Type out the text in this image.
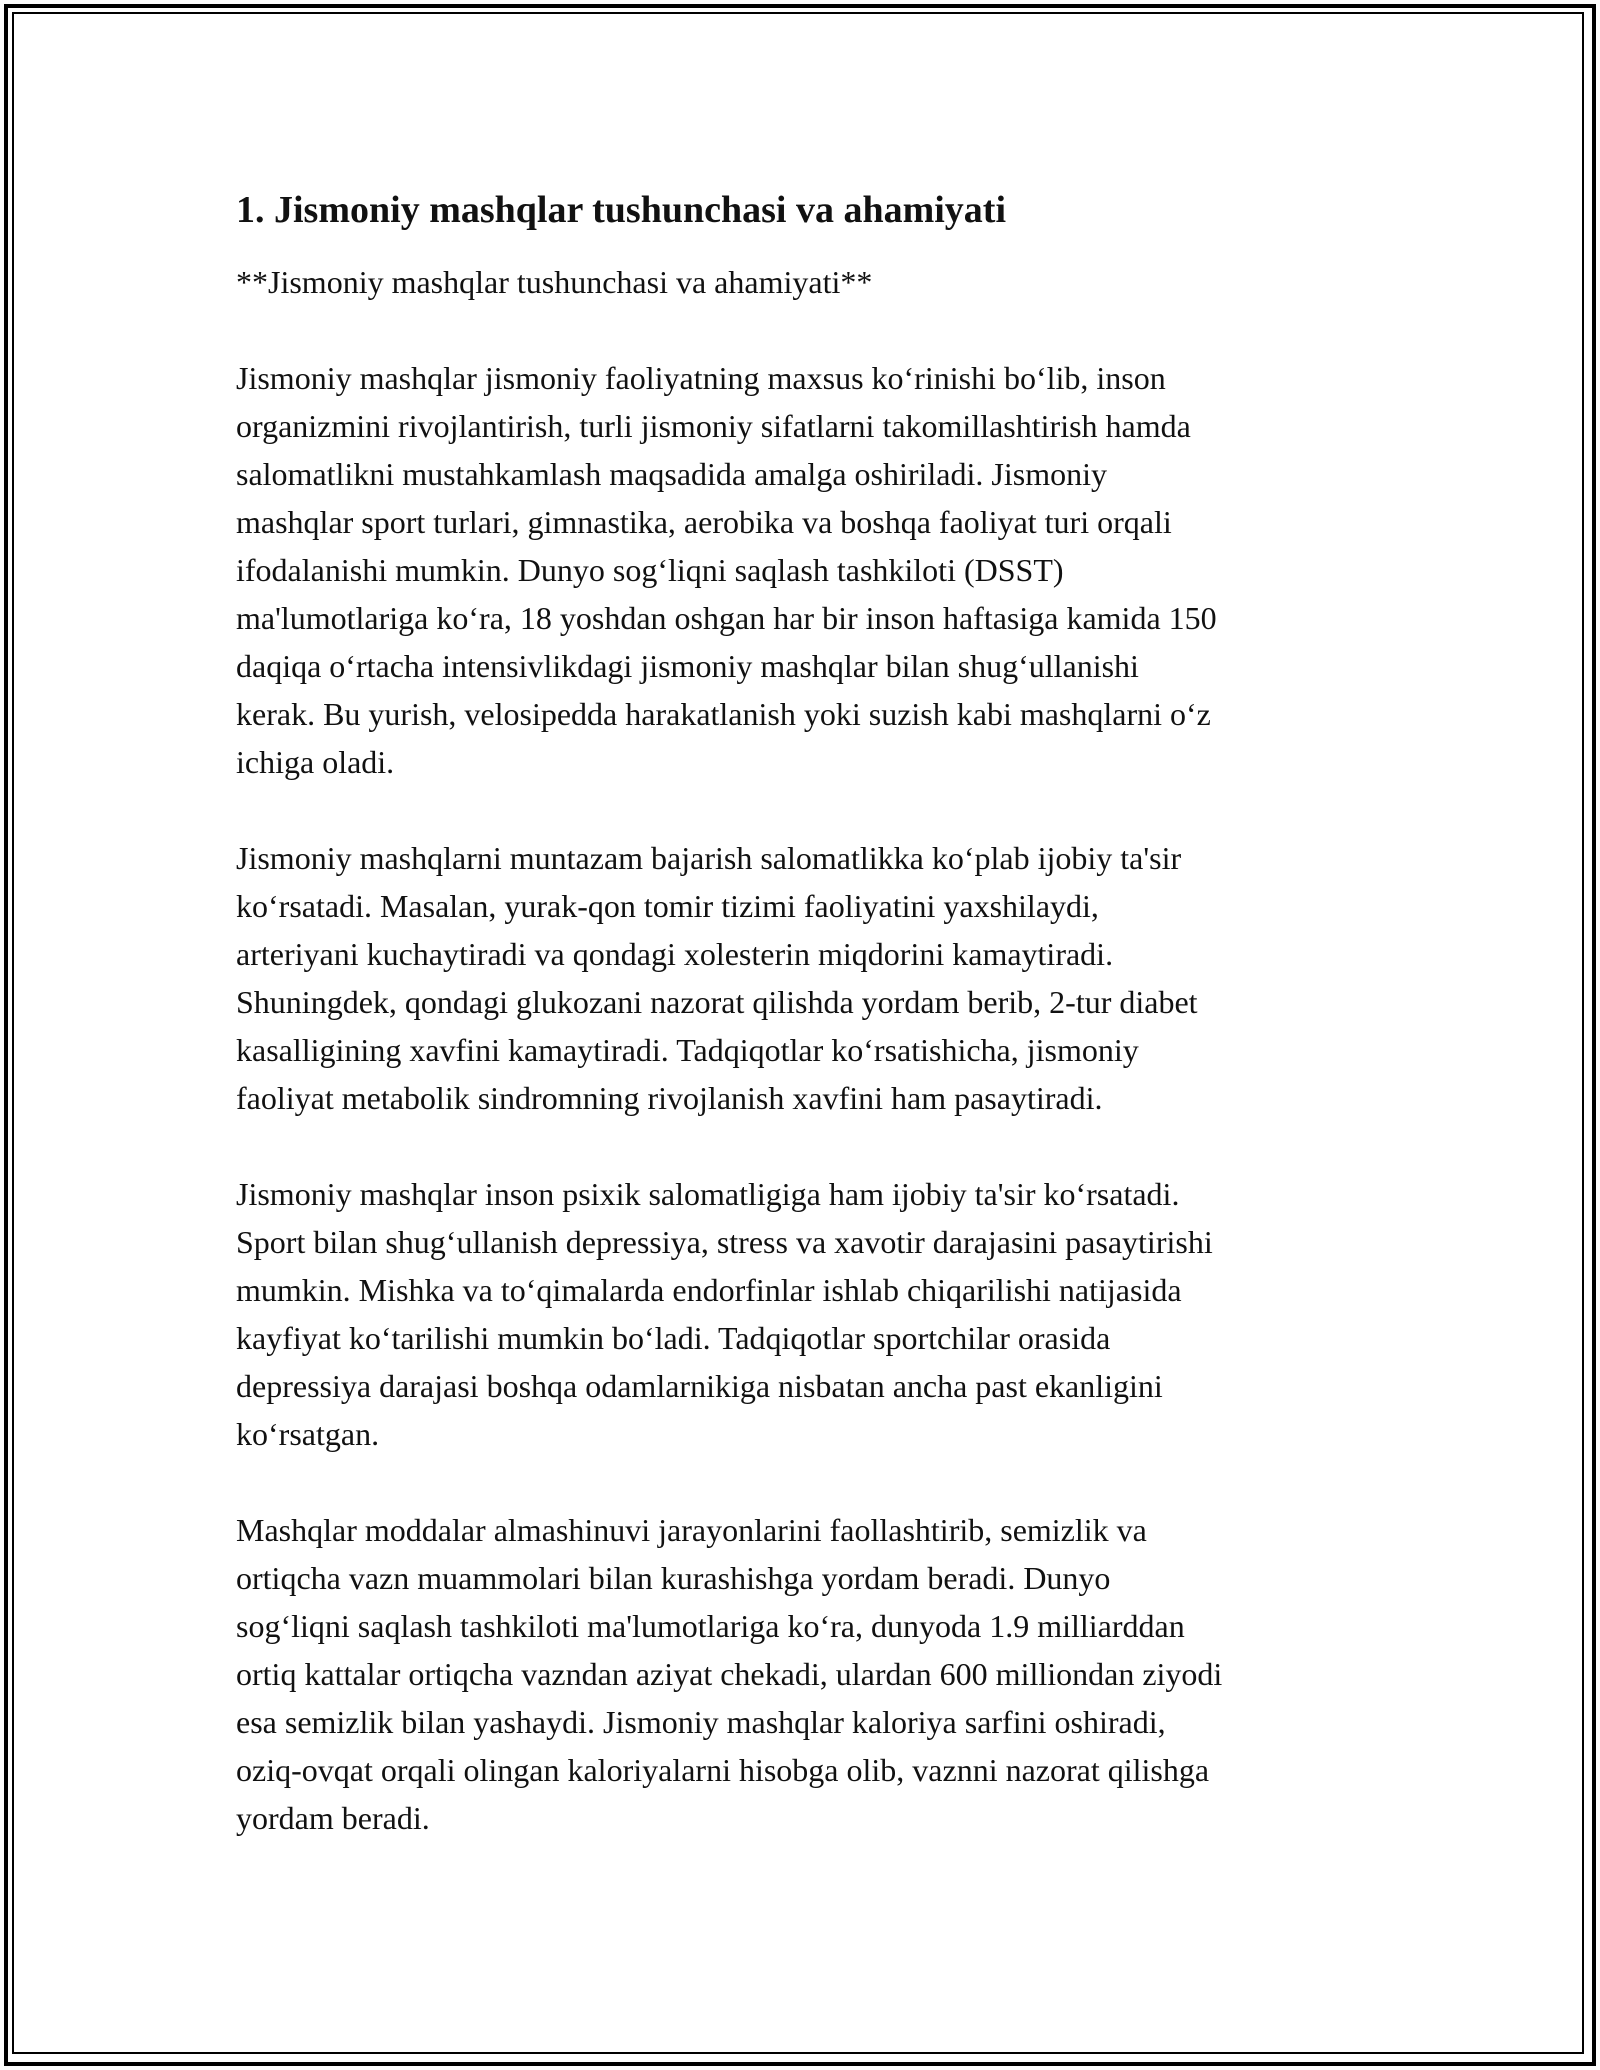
1. Jismoniy mashqlar tushunchasi va ahamiyati
**Jismoniy mashqlar tushunchasi va ahamiyati**
Jismoniy mashqlar jismoniy faoliyatning maxsus ko‘rinishi bo‘lib, inson
organizmini rivojlantirish, turli jismoniy sifatlarni takomillashtirish hamda
salomatlikni mustahkamlash maqsadida amalga oshiriladi. Jismoniy
mashqlar sport turlari, gimnastika, aerobika va boshqa faoliyat turi orqali
ifodalanishi mumkin. Dunyo sog‘liqni saqlash tashkiloti (DSST)
ma'lumotlariga ko‘ra, 18 yoshdan oshgan har bir inson haftasiga kamida 150
daqiqa o‘rtacha intensivlikdagi jismoniy mashqlar bilan shug‘ullanishi
kerak. Bu yurish, velosipedda harakatlanish yoki suzish kabi mashqlarni o‘z
ichiga oladi.
Jismoniy mashqlarni muntazam bajarish salomatlikka ko‘plab ijobiy ta'sir
ko‘rsatadi. Masalan, yurak-qon tomir tizimi faoliyatini yaxshilaydi,
arteriyani kuchaytiradi va qondagi xolesterin miqdorini kamaytiradi.
Shuningdek, qondagi glukozani nazorat qilishda yordam berib, 2-tur diabet
kasalligining xavfini kamaytiradi. Tadqiqotlar ko‘rsatishicha, jismoniy
faoliyat metabolik sindromning rivojlanish xavfini ham pasaytiradi.
Jismoniy mashqlar inson psixik salomatligiga ham ijobiy ta'sir ko‘rsatadi.
Sport bilan shug‘ullanish depressiya, stress va xavotir darajasini pasaytirishi
mumkin. Mishka va to‘qimalarda endorfinlar ishlab chiqarilishi natijasida
kayfiyat ko‘tarilishi mumkin bo‘ladi. Tadqiqotlar sportchilar orasida
depressiya darajasi boshqa odamlarnikiga nisbatan ancha past ekanligini
ko‘rsatgan.
Mashqlar moddalar almashinuvi jarayonlarini faollashtirib, semizlik va
ortiqcha vazn muammolari bilan kurashishga yordam beradi. Dunyo
sog‘liqni saqlash tashkiloti ma'lumotlariga ko‘ra, dunyoda 1.9 milliarddan
ortiq kattalar ortiqcha vazndan aziyat chekadi, ulardan 600 milliondan ziyodi
esa semizlik bilan yashaydi. Jismoniy mashqlar kaloriya sarfini oshiradi,
oziq-ovqat orqali olingan kaloriyalarni hisobga olib, vaznni nazorat qilishga
yordam beradi.
